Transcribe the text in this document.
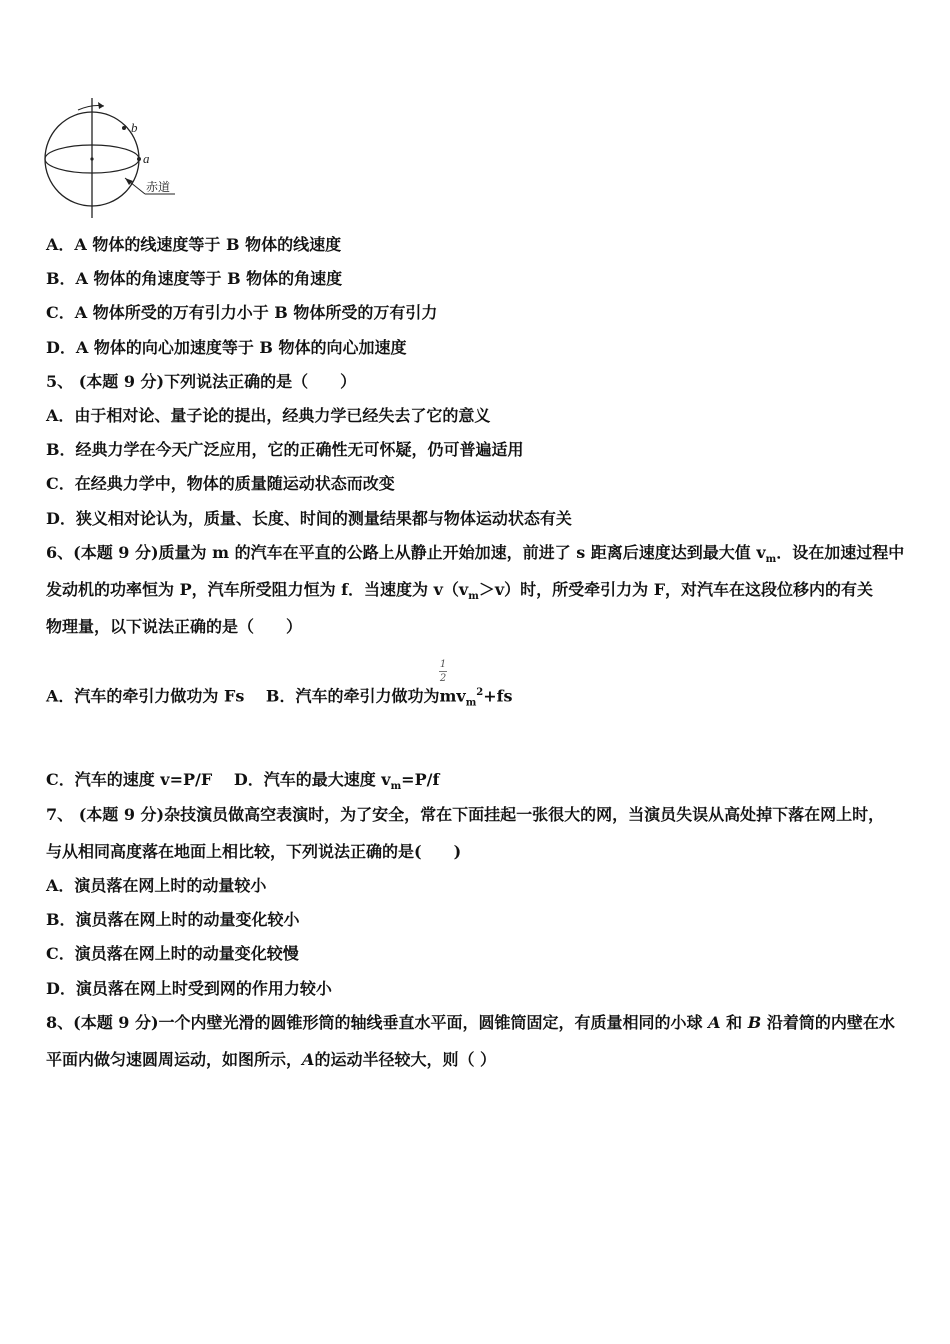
b
a
赤道
A．A 物体的线速度等于 B 物体的线速度
B．A 物体的角速度等于 B 物体的角速度
C．A 物体所受的万有引力小于 B 物体所受的万有引力
D．A 物体的向心加速度等于 B 物体的向心加速度
5、 (本题 9 分)下列说法正确的是（　　）
A．由于相对论、量子论的提出，经典力学已经失去了它的意义
B．经典力学在今天广泛应用，它的正确性无可怀疑，仍可普遍适用
C．在经典力学中，物体的质量随运动状态而改变
D．狭义相对论认为，质量、长度、时间的测量结果都与物体运动状态有关
6、(本题 9 分)质量为 m 的汽车在平直的公路上从静止开始加速，前进了 s 距离后速度达到最大值 $v_m$．设在加速过程中
发动机的功率恒为 P，汽车所受阻力恒为 f．当速度为 $v(v_m>v)$时，所受牵引力为 F，对汽车在这段位移内的有关
物理量，以下说法正确的是（　　）
1
2
A．汽车的牵引力做功为 Fs　 B．汽车的牵引力做功为$mv_m^2+fs$
C．汽车的速度 v=P/F　 D．汽车的最大速度 $v_m=P/f$
7、 (本题 9 分)杂技演员做高空表演时，为了安全，常在下面挂起一张很大的网，当演员失误从高处掉下落在网上时，
与从相同高度落在地面上相比较，下列说法正确的是(　　)
A．演员落在网上时的动量较小
B．演员落在网上时的动量变化较小
C．演员落在网上时的动量变化较慢
D．演员落在网上时受到网的作用力较小
8、(本题 9 分)一个内壁光滑的圆锥形筒的轴线垂直水平面，圆锥筒固定，有质量相同的小球 A 和 B 沿着筒的内壁在水
平面内做匀速圆周运动，如图所示，A的运动半径较大，则（ ）
